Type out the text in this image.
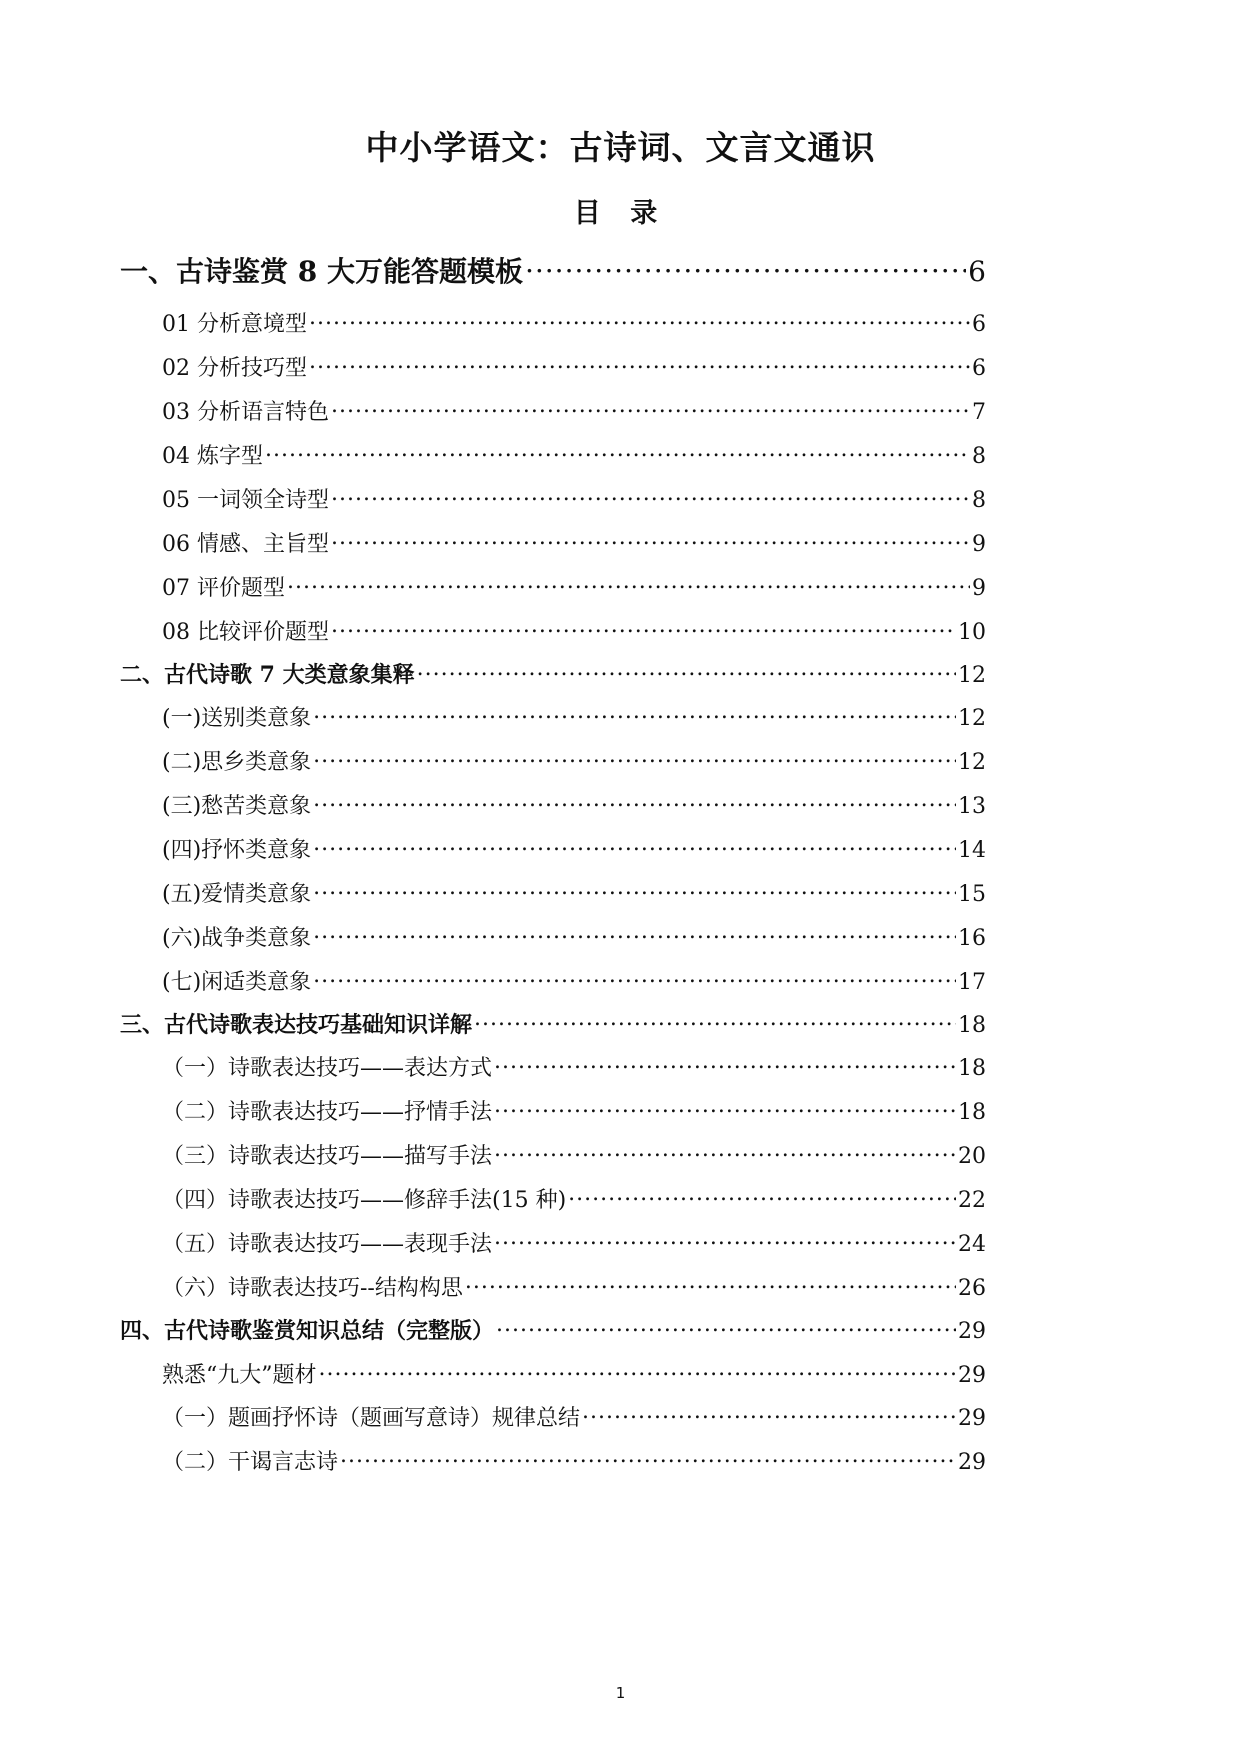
中小学语文：古诗词、文言文通识
目 录
一、古诗鉴赏 8 大万能答题模板 .....	6
01 分析意境型 .....	6
02 分析技巧型 .....	6
03 分析语言特色 .....	7
04 炼字型 .....	8
05 一词领全诗型 .....	8
06 情感、主旨型 .....	9
07 评价题型 .....	9
08 比较评价题型 .....	10
二、古代诗歌 7 大类意象集释 .....	12
(一)送别类意象 .....	12
(二)思乡类意象 .....	12
(三)愁苦类意象 .....	13
(四)抒怀类意象 .....	14
(五)爱情类意象 .....	15
(六)战争类意象 .....	16
(七)闲适类意象 .....	17
三、古代诗歌表达技巧基础知识详解 .....	18
（一）诗歌表达技巧——表达方式 .....	18
（二）诗歌表达技巧——抒情手法 .....	18
（三）诗歌表达技巧——描写手法 .....	20
（四）诗歌表达技巧——修辞手法(15 种) .....	22
（五）诗歌表达技巧——表现手法 .....	24
（六）诗歌表达技巧--结构构思 .....	26
四、古代诗歌鉴赏知识总结（完整版） .....	29
熟悉“九大”题材 .....	29
（一）题画抒怀诗（题画写意诗）规律总结 .....	29
（二）干谒言志诗 .....	29
1
